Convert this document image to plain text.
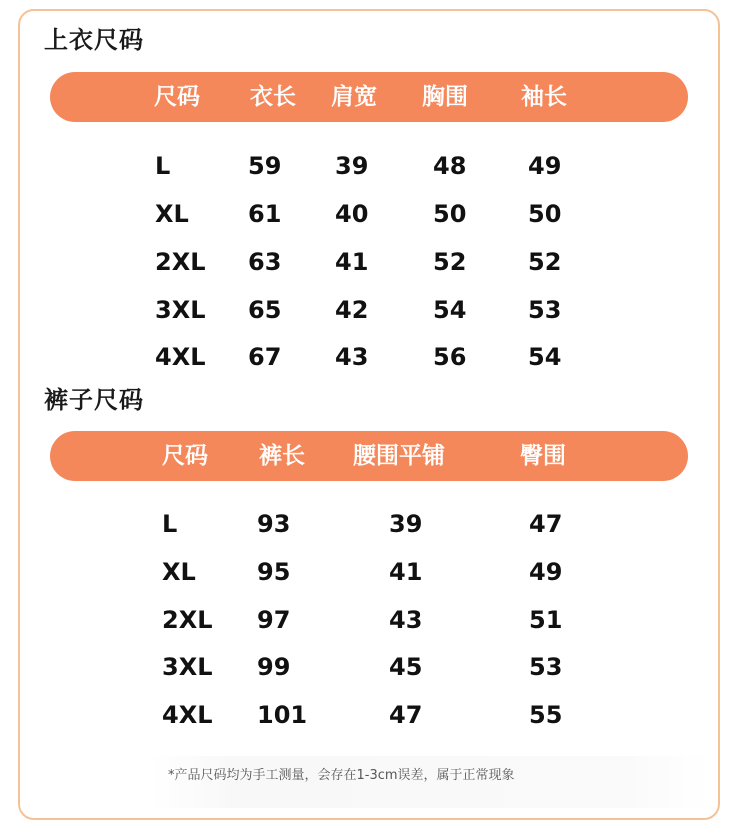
上衣尺码
尺码 衣长 肩宽 胸围 袖长
L	59 39	48	49
XL 61 40	50	50
2XL 63 41	52	52
3XL 65 42	54	53
4XL 67 43	56	54
裤子尺码
尺码 裤长 腰围平铺	臀围
L	93	39	47
XL	95	41	49
2XL 97	43	51
3XL 99	45	53
4XL 101	47	55
*产品尺码均为手工测量，会存在1-3cm误差，属于正常现象
